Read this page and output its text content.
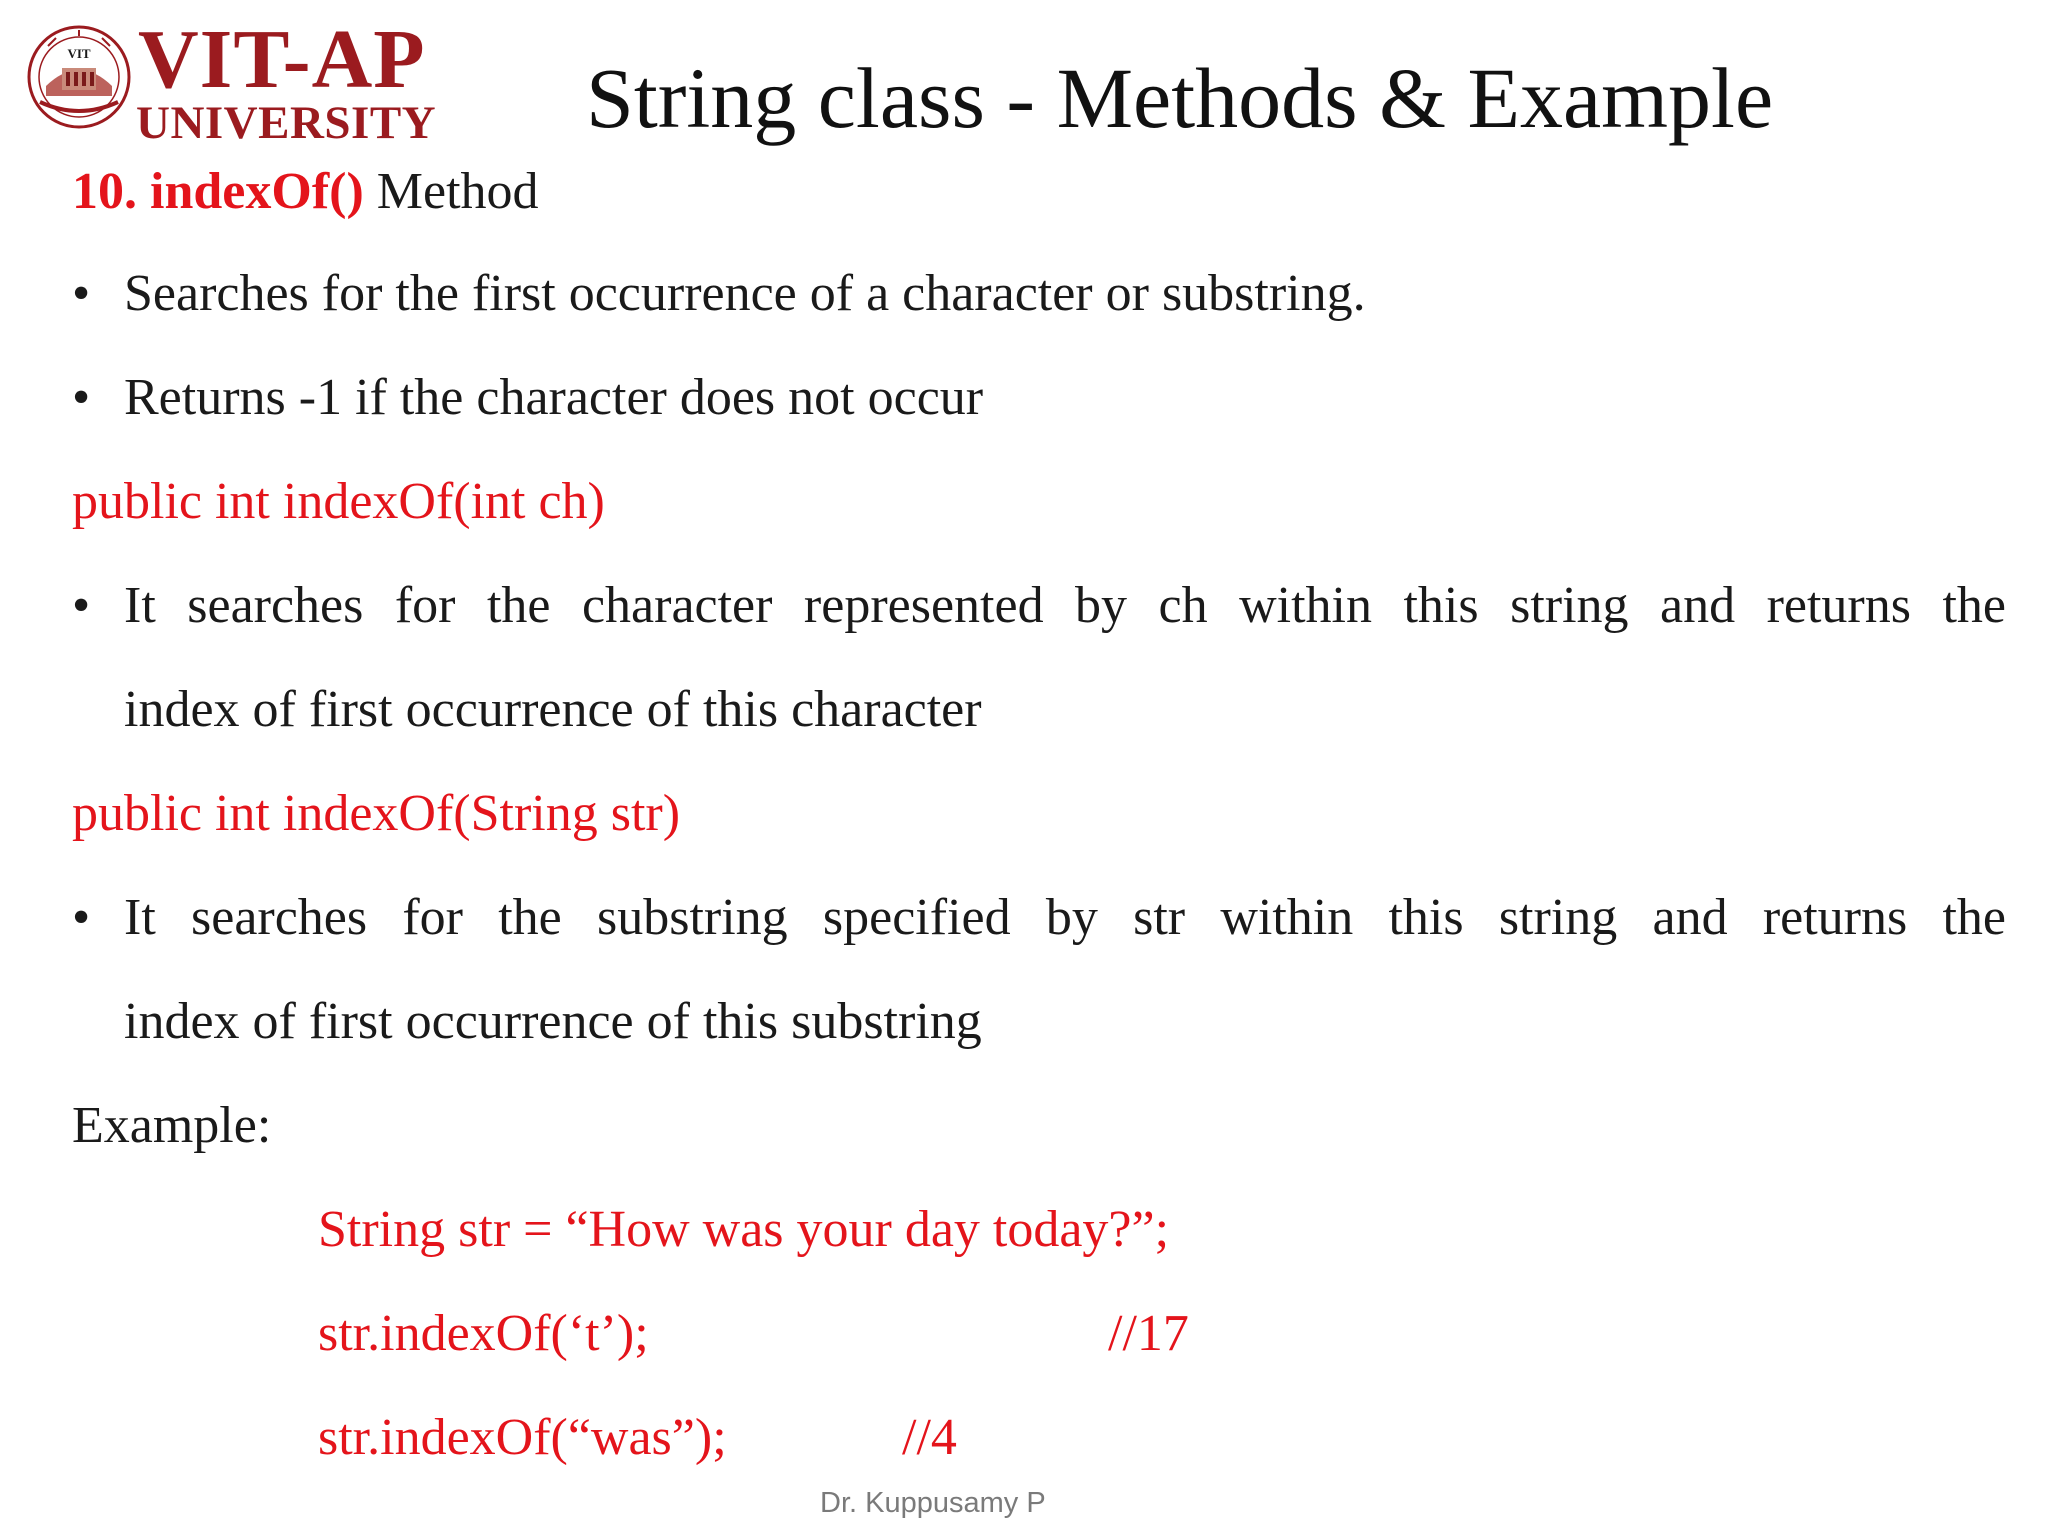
VIT VIT-AP
UNIVERSITY String class - Methods & Example
10. indexOf() Method
• Searches for the first occurrence of a character or substring.
• Returns -1 if the character does not occur
public int indexOf(int ch)
• It searches for the character represented by ch within this string and returns the
index of first occurrence of this character
public int indexOf(String str)
• It searches for the substring specified by str within this string and returns the
index of first occurrence of this substring
Example:
String str = “How was your day today?”;
str.indexOf(‘t’);	//17
str.indexOf(“was”);	//4
Dr. Kuppusamy P
